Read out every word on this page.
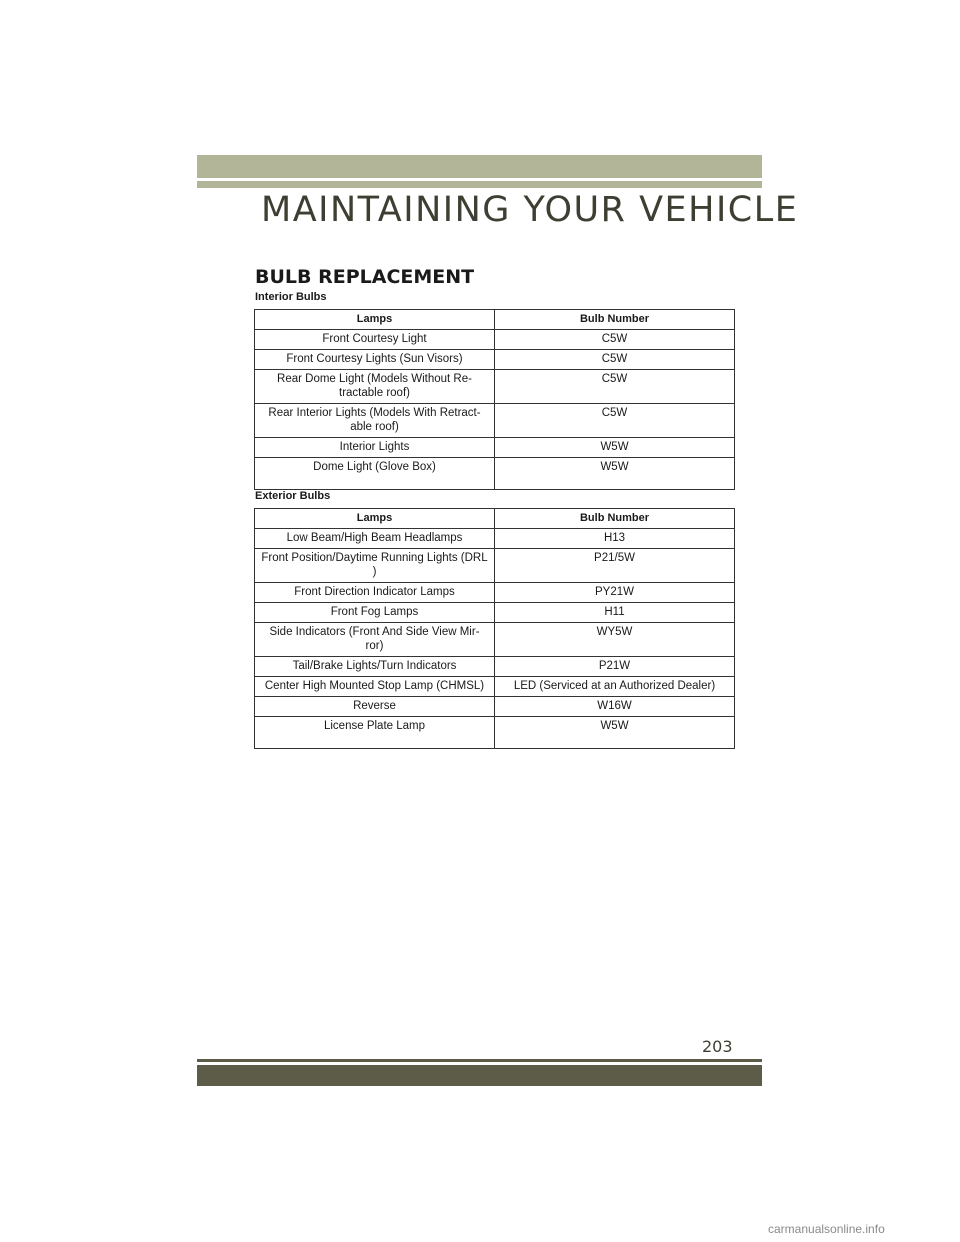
MAINTAINING YOUR VEHICLE
BULB REPLACEMENT
Interior Bulbs
Lamps	Bulb Number
Front Courtesy Light	C5W
Front Courtesy Lights (Sun Visors)	C5W
Rear Dome Light (Models Without Re-tractable roof)	C5W
Rear Interior Lights (Models With Retract-able roof)	C5W
Interior Lights	W5W
Dome Light (Glove Box)	W5W
Exterior Bulbs
Lamps	Bulb Number
Low Beam/High Beam Headlamps	H13
Front Position/Daytime Running Lights (DRL )	P21/5W
Front Direction Indicator Lamps	PY21W
Front Fog Lamps	H11
Side Indicators (Front And Side View Mir-ror)	WY5W
Tail/Brake Lights/Turn Indicators	P21W
Center High Mounted Stop Lamp (CHMSL)	LED (Serviced at an Authorized Dealer)
Reverse	W16W
License Plate Lamp	W5W
203
carmanualsonline.info
